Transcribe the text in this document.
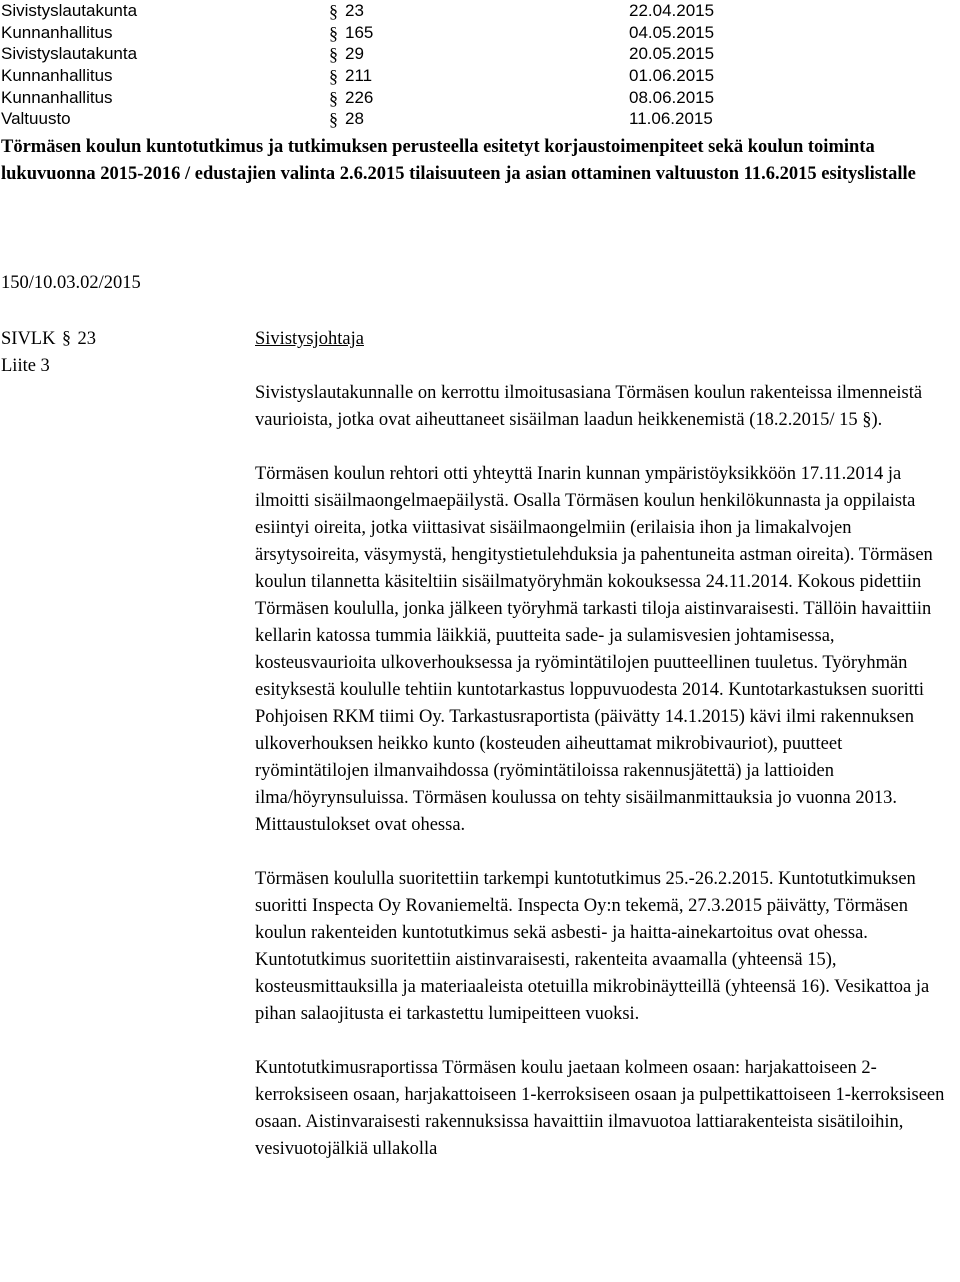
Sivistyslautakunta	§ 23	22.04.2015
Kunnanhallitus	§ 165	04.05.2015
Sivistyslautakunta	§ 29	20.05.2015
Kunnanhallitus	§ 211	01.06.2015
Kunnanhallitus	§ 226	08.06.2015
Valtuusto	§ 28	11.06.2015
Törmäsen koulun kuntotutkimus ja tutkimuksen perusteella esitetyt korjaustoimenpiteet sekä koulun toiminta lukuvuonna 2015-2016 / edustajien valinta 2.6.2015 tilaisuuteen ja asian ottaminen valtuuston 11.6.2015 esityslistalle
150/10.03.02/2015
SIVLK § 23
Liite 3

Sivistysjohtaja

Sivistyslautakunnalle on kerrottu ilmoitusasiana Törmäsen koulun rakenteissa ilmenneistä vaurioista, jotka ovat aiheuttaneet sisäilman laadun heikkenemistä (18.2.2015/ 15 §).

Törmäsen koulun rehtori otti yhteyttä Inarin kunnan ympäristöyksikköön 17.11.2014 ja ilmoitti sisäilmaongelmaepäilystä. Osalla Törmäsen koulun henkilökunnasta ja oppilaista esiintyi oireita, jotka viittasivat sisäilmaongelmiin (erilaisia ihon ja limakalvojen ärsytysoireita, väsymystä, hengitystietulehduksia ja pahentuneita astman oireita). Törmäsen koulun tilannetta käsiteltiin sisäilmatyöryhmän kokouksessa 24.11.2014. Kokous pidettiin Törmäsen koululla, jonka jälkeen työryhmä tarkasti tiloja aistinvaraisesti. Tällöin havaittiin kellarin katossa tummia läikkiä, puutteita sade- ja sulamisvesien johtamisessa, kosteusvaurioita ulkoverhouksessa ja ryömintätilojen puutteellinen tuuletus. Työryhmän esityksestä koululle tehtiin kuntotarkastus loppuvuodesta 2014. Kuntotarkastuksen suoritti Pohjoisen RKM tiimi Oy. Tarkastusraportista (päivätty 14.1.2015) kävi ilmi rakennuksen ulkoverhouksen heikko kunto (kosteuden aiheuttamat mikrobivauriot), puutteet ryömintätilojen ilmanvaihdossa (ryömintätiloissa rakennusjätettä) ja lattioiden ilma/höyrynsuluissa. Törmäsen koulussa on tehty sisäilmanmittauksia jo vuonna 2013. Mittaustulokset ovat ohessa.

Törmäsen koululla suoritettiin tarkempi kuntotutkimus 25.-26.2.2015. Kuntotutkimuksen suoritti Inspecta Oy Rovaniemeltä. Inspecta Oy:n tekemä, 27.3.2015 päivätty, Törmäsen koulun rakenteiden kuntotutkimus sekä asbesti- ja haitta-ainekartoitus ovat ohessa. Kuntotutkimus suoritettiin aistinvaraisesti, rakenteita avaamalla (yhteensä 15), kosteusmittauksilla ja materiaaleista otetuilla mikrobinäytteillä (yhteensä 16). Vesikattoa ja pihan salaojitusta ei tarkastettu lumipeitteen vuoksi.

Kuntotutkimusraportissa Törmäsen koulu jaetaan kolmeen osaan: harjakattoiseen 2-kerroksiseen osaan, harjakattoiseen 1-kerroksiseen osaan ja pulpettikattoiseen 1-kerroksiseen osaan. Aistinvaraisesti rakennuksissa havaittiin ilmavuotoa lattiarakenteista sisätiloihin, vesivuotojälkiä ullakolla
